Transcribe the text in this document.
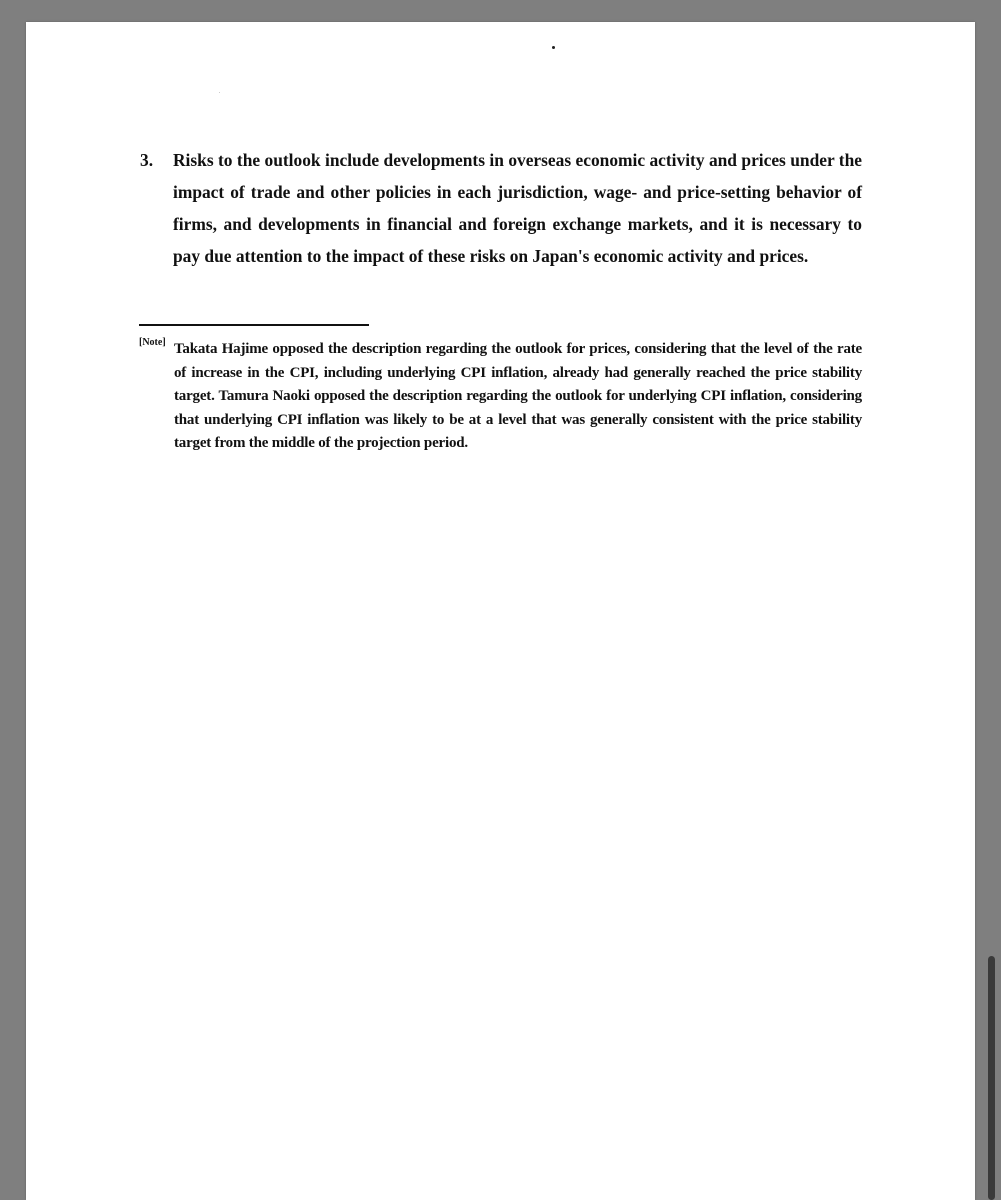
3. Risks to the outlook include developments in overseas economic activity and prices under the impact of trade and other policies in each jurisdiction, wage- and price-setting behavior of firms, and developments in financial and foreign exchange markets, and it is necessary to pay due attention to the impact of these risks on Japan's economic activity and prices.
[Note] Takata Hajime opposed the description regarding the outlook for prices, considering that the level of the rate of increase in the CPI, including underlying CPI inflation, already had generally reached the price stability target. Tamura Naoki opposed the description regarding the outlook for underlying CPI inflation, considering that underlying CPI inflation was likely to be at a level that was generally consistent with the price stability target from the middle of the projection period.
